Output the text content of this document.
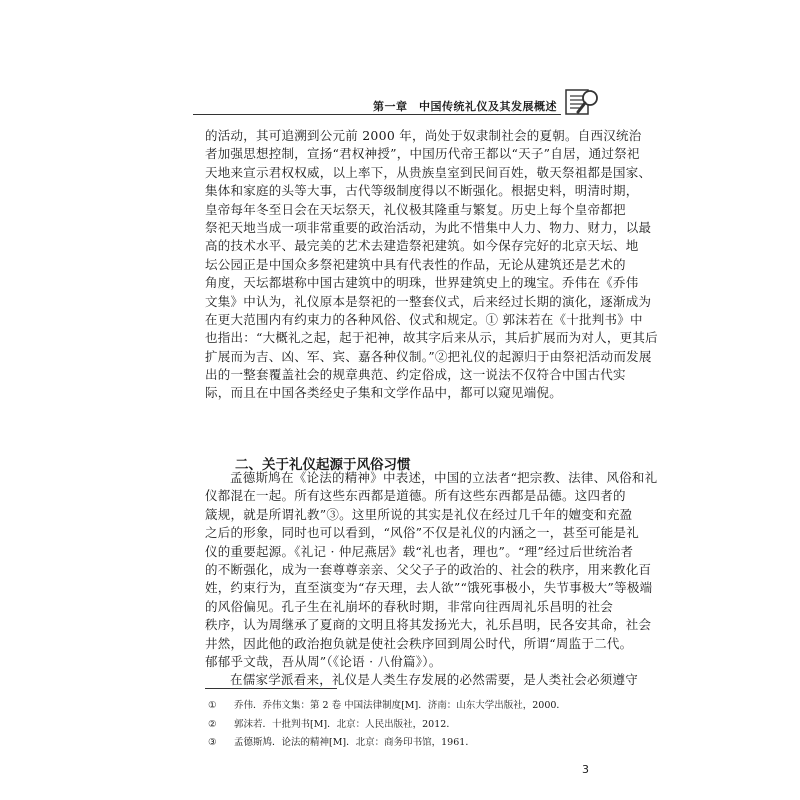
第一章　中国传统礼仪及其发展概述
的活动，其可追溯到公元前 2000 年，尚处于奴隶制社会的夏朝。自西汉统治
者加强思想控制，宣扬“君权神授”，中国历代帝王都以“天子”自居，通过祭祀
天地来宣示君权权威，以上率下，从贵族皇室到民间百姓，敬天祭祖都是国家、
集体和家庭的头等大事，古代等级制度得以不断强化。根据史料，明清时期，
皇帝每年冬至日会在天坛祭天，礼仪极其隆重与繁复。历史上每个皇帝都把
祭祀天地当成一项非常重要的政治活动，为此不惜集中人力、物力、财力，以最
高的技术水平、最完美的艺术去建造祭祀建筑。如今保存完好的北京天坛、地
坛公园正是中国众多祭祀建筑中具有代表性的作品，无论从建筑还是艺术的
角度，天坛都堪称中国古建筑中的明珠，世界建筑史上的瑰宝。乔伟在《乔伟
文集》中认为，礼仪原本是祭祀的一整套仪式，后来经过长期的演化，逐渐成为
在更大范围内有约束力的各种风俗、仪式和规定。① 郭沫若在《十批判书》中
也指出：“大概礼之起，起于祀神，故其字后来从示，其后扩展而为对人，更其后
扩展而为吉、凶、军、宾、嘉各种仪制。”②把礼仪的起源归于由祭祀活动而发展
出的一整套覆盖社会的规章典范、约定俗成，这一说法不仅符合中国古代实
际，而且在中国各类经史子集和文学作品中，都可以窥见端倪。
二、关于礼仪起源于风俗习惯
孟德斯鸠在《论法的精神》中表述，中国的立法者“把宗教、法律、风俗和礼
仪都混在一起。所有这些东西都是道德。所有这些东西都是品德。这四者的
箴规，就是所谓礼教”③。这里所说的其实是礼仪在经过几千年的嬗变和充盈
之后的形象，同时也可以看到，“风俗”不仅是礼仪的内涵之一，甚至可能是礼
仪的重要起源。《礼记 · 仲尼燕居》载“礼也者，理也”。“理”经过后世统治者
的不断强化，成为一套尊尊亲亲、父父子子的政治的、社会的秩序，用来教化百
姓，约束行为，直至演变为“存天理，去人欲”“饿死事极小，失节事极大”等极端
的风俗偏见。孔子生在礼崩坏的春秋时期，非常向往西周礼乐昌明的社会
秩序，认为周继承了夏商的文明且将其发扬光大，礼乐昌明，民各安其命，社会
井然，因此他的政治抱负就是使社会秩序回到周公时代，所谓“周监于二代。
郁郁乎文哉，吾从周”（《论语 · 八佾篇》）。
在儒家学派看来，礼仪是人类生存发展的必然需要，是人类社会必须遵守
① 乔伟．乔伟文集：第 2 卷 中国法律制度[M]．济南：山东大学出版社，2000．
② 郭沫若．十批判书[M]．北京：人民出版社，2012．
③ 孟德斯鸠．论法的精神[M]．北京：商务印书馆，1961．
3
